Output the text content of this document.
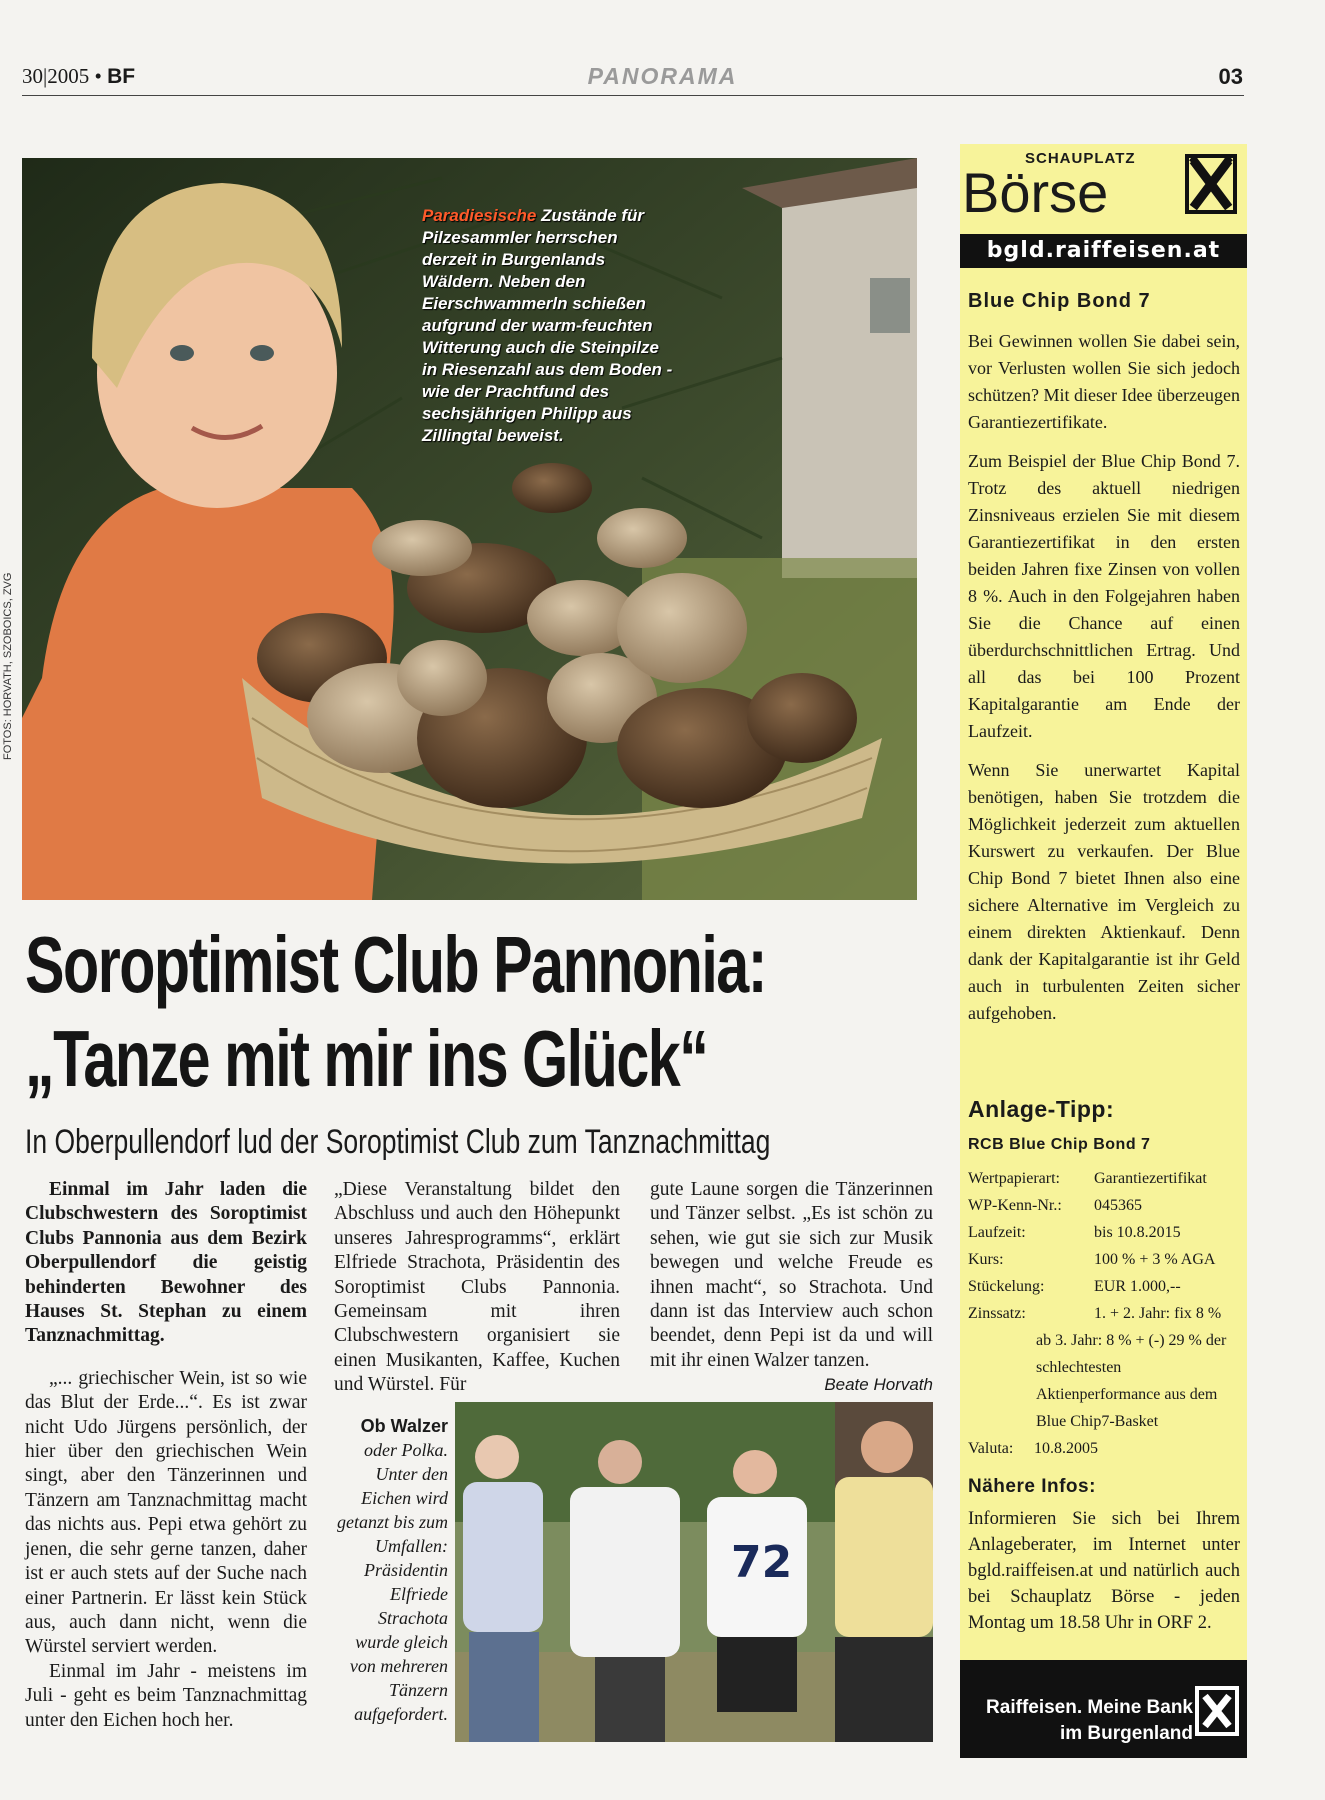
30|2005 • BF	PANORAMA	03
FOTOS: HORVATH, SZOBOICS, ZVG
Paradiesische Zustände für Pilzesammler herrschen derzeit in Burgenlands Wäldern. Neben den Eierschwammerln schießen aufgrund der warm-feuchten Witterung auch die Steinpilze in Riesenzahl aus dem Boden - wie der Prachtfund des sechsjährigen Philipp aus Zillingtal beweist.
Soroptimist Club Pannonia:
„Tanze mit mir ins Glück“
In Oberpullendorf lud der Soroptimist Club zum Tanznachmittag

Einmal im Jahr laden die Clubschwestern des Soroptimist Clubs Pannonia aus dem Bezirk Oberpullendorf die geistig behinderten Bewohner des Hauses St. Stephan zu einem Tanznachmittag.

„... griechischer Wein, ist so wie das Blut der Erde...“. Es ist zwar nicht Udo Jürgens persönlich, der hier über den griechischen Wein singt, aber den Tänzerinnen und Tänzern am Tanznachmittag macht das nichts aus. Pepi etwa gehört zu jenen, die sehr gerne tanzen, daher ist er auch stets auf der Suche nach einer Partnerin. Er lässt kein Stück aus, auch dann nicht, wenn die Würstel serviert werden.

Einmal im Jahr - meistens im Juli - geht es beim Tanznachmittag unter den Eichen hoch her.

„Diese Veranstaltung bildet den Abschluss und auch den Höhepunkt unseres Jahresprogramms“, erklärt Elfriede Strachota, Präsidentin des Soroptimist Clubs Pannonia. Gemeinsam mit ihren Clubschwestern organisiert sie einen Musikanten, Kaffee, Kuchen und Würstel. Für

gute Laune sorgen die Tänzerinnen und Tänzer selbst. „Es ist schön zu sehen, wie gut sie sich zur Musik bewegen und welche Freude es ihnen macht“, so Strachota. Und dann ist das Interview auch schon beendet, denn Pepi ist da und will mit ihr einen Walzer tanzen.

Beate Horvath
Ob Walzer oder Polka. Unter den Eichen wird getanzt bis zum Umfallen: Präsidentin Elfriede Strachota wurde gleich von mehreren Tänzern aufgefordert.
72
SCHAUPLATZ
Börse
bgld.raiffeisen.at
Blue Chip Bond 7

Bei Gewinnen wollen Sie dabei sein, vor Verlusten wollen Sie sich jedoch schützen? Mit dieser Idee überzeugen Garantiezertifikate.

Zum Beispiel der Blue Chip Bond 7. Trotz des aktuell niedrigen Zinsniveaus erzielen Sie mit diesem Garantiezertifikat in den ersten beiden Jahren fixe Zinsen von vollen 8 %. Auch in den Folgejahren haben Sie die Chance auf einen überdurchschnittlichen Ertrag. Und all das bei 100 Prozent Kapitalgarantie am Ende der Laufzeit.

Wenn Sie unerwartet Kapital benötigen, haben Sie trotzdem die Möglichkeit jederzeit zum aktuellen Kurswert zu verkaufen. Der Blue Chip Bond 7 bietet Ihnen also eine sichere Alternative im Vergleich zu einem direkten Aktienkauf. Denn dank der Kapitalgarantie ist ihr Geld auch in turbulenten Zeiten sicher aufgehoben.

Anlage-Tipp:
RCB Blue Chip Bond 7
Wertpapierart:	Garantiezertifikat
WP-Kenn-Nr.:	045365
Laufzeit:	bis 10.8.2015
Kurs:	100 % + 3 % AGA
Stückelung:	EUR 1.000,--
Zinssatz:	1. + 2. Jahr: fix 8 %
ab 3. Jahr: 8 % + (-) 29 % der schlechtesten Aktienperformance aus dem Blue Chip7-Basket
Valuta:	10.8.2005
Nähere Infos:
Informieren Sie sich bei Ihrem Anlageberater, im Internet unter bgld.raiffeisen.at und natürlich auch bei Schauplatz Börse - jeden Montag um 18.58 Uhr in ORF 2.
Raiffeisen. Meine Bank
im Burgenland
